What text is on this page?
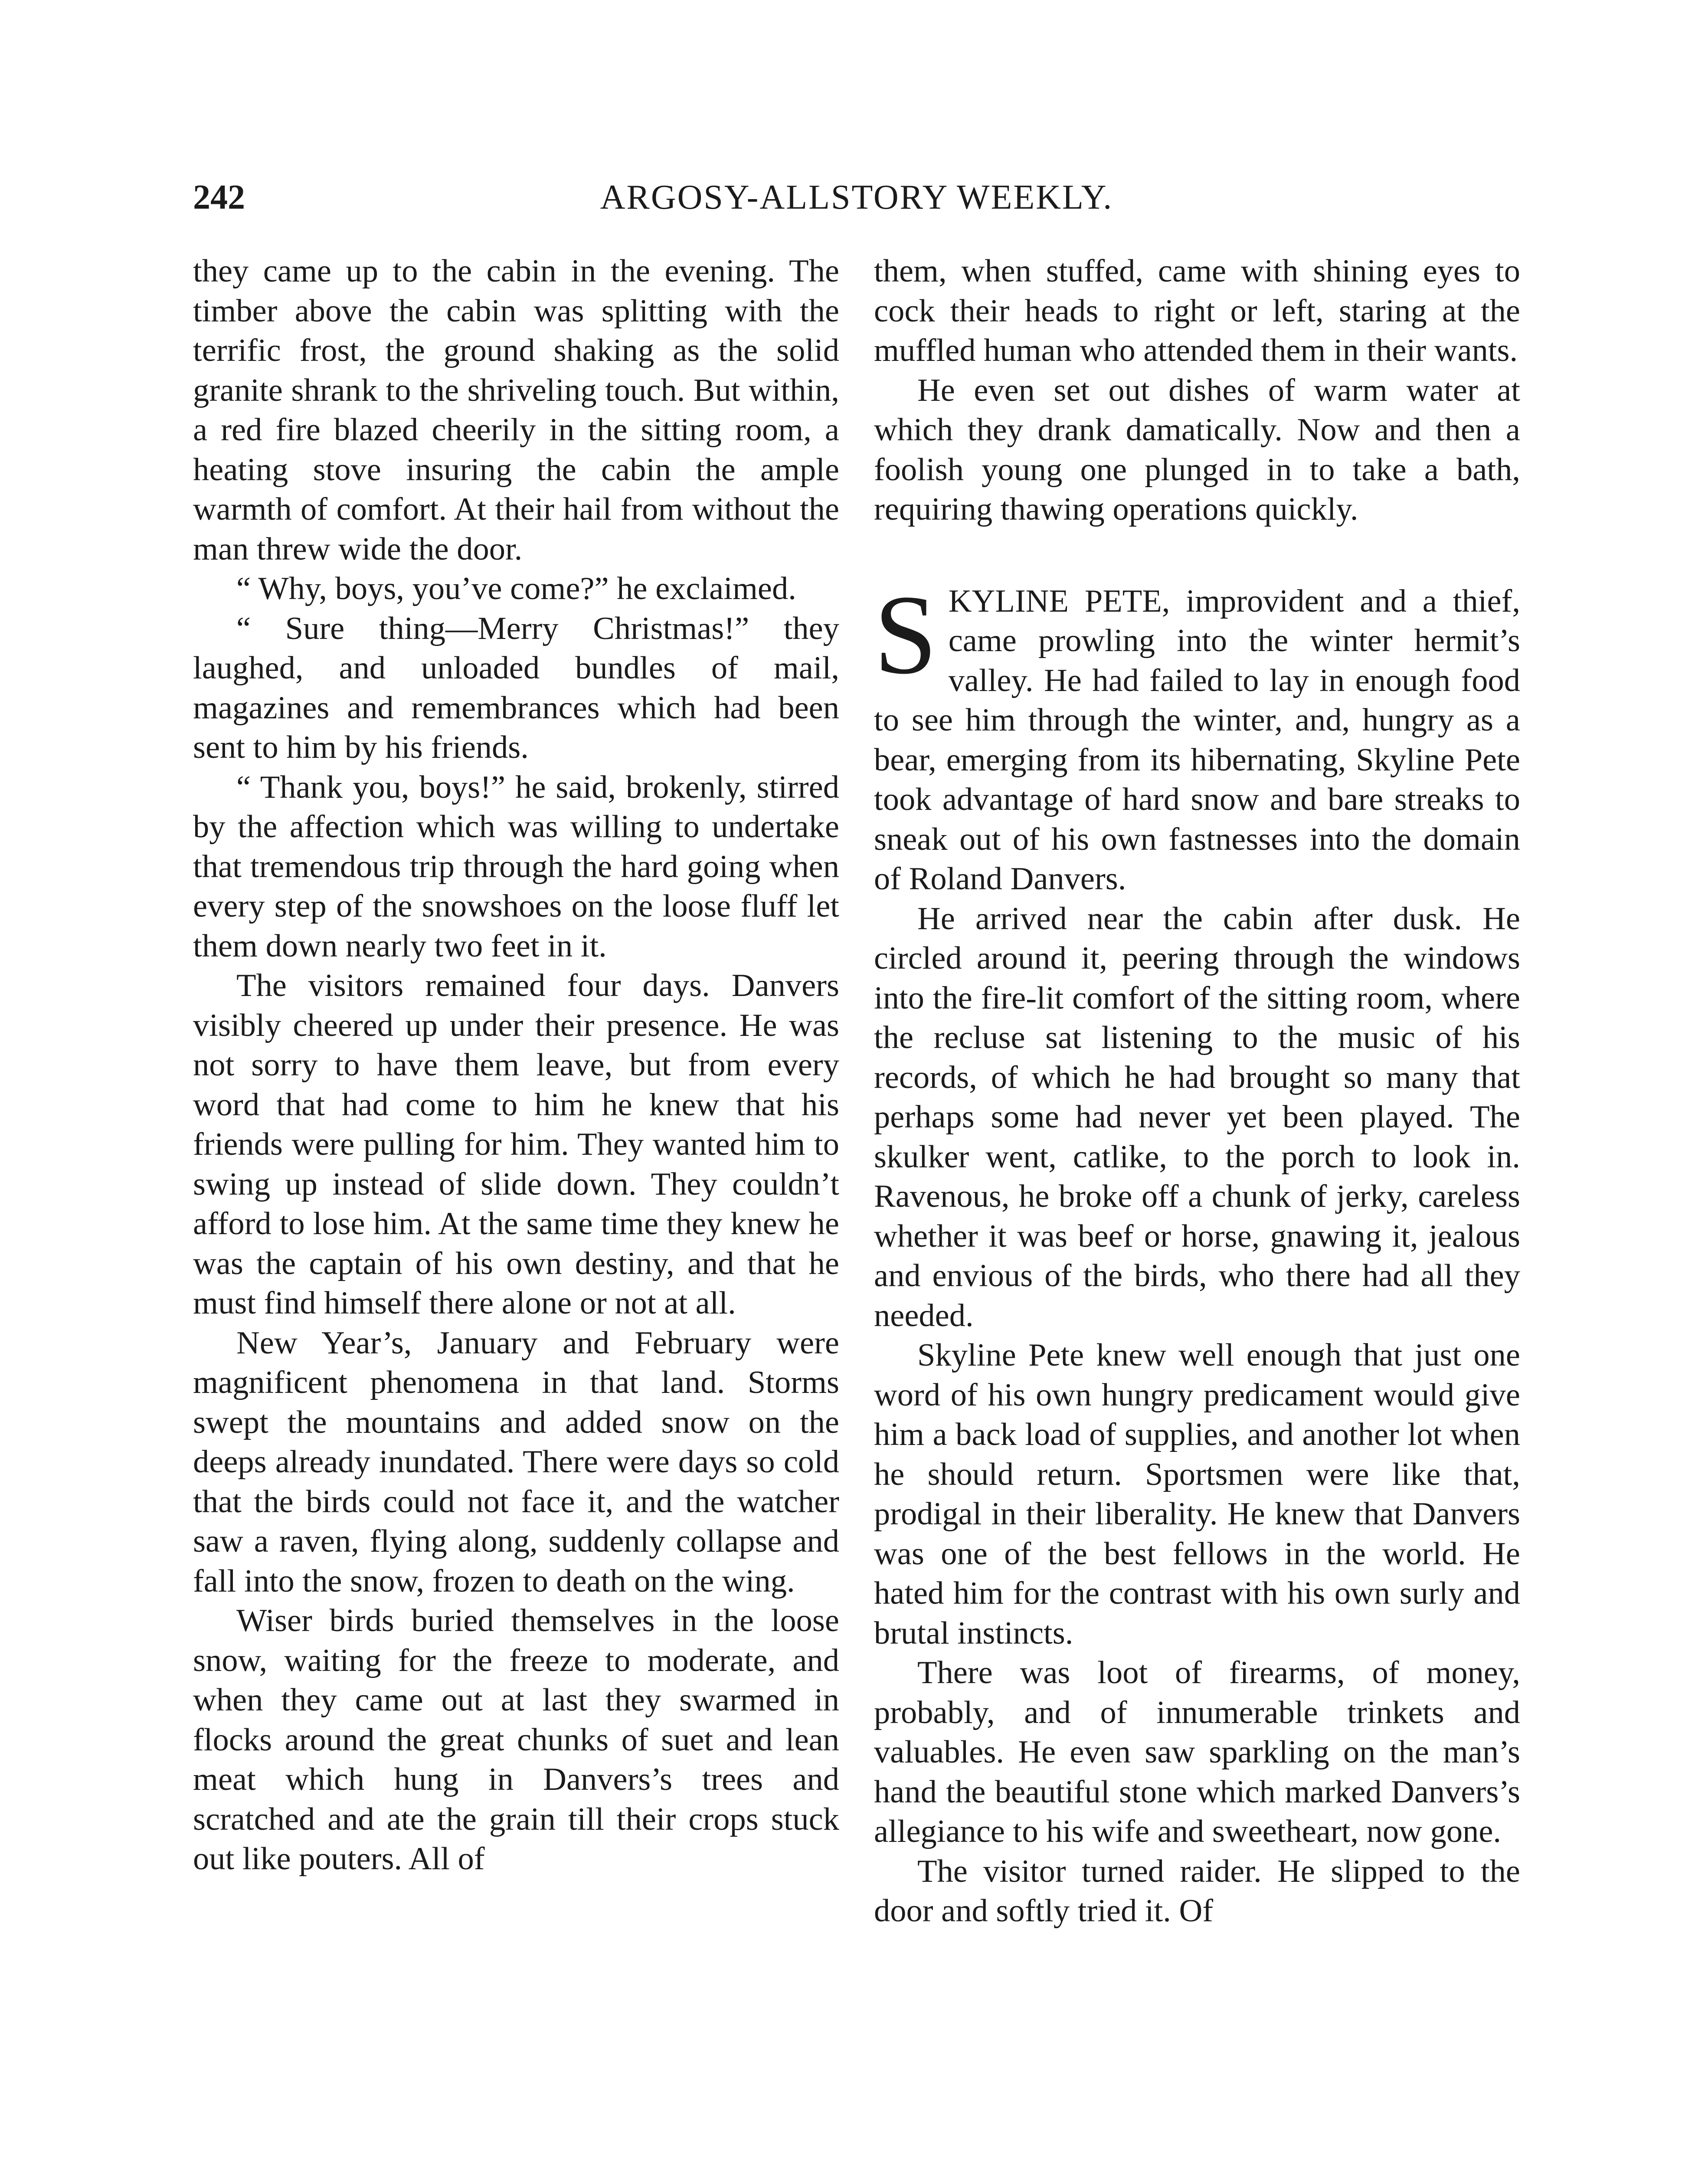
242	ARGOSY-ALLSTORY WEEKLY.

they came up to the cabin in the evening. The timber above the cabin was splitting with the terrific frost, the ground shaking as the solid granite shrank to the shriveling touch. But within, a red fire blazed cheerily in the sitting room, a heating stove insuring the cabin the ample warmth of comfort. At their hail from without the man threw wide the door.

“ Why, boys, you’ve come?” he exclaimed.

“ Sure thing—Merry Christmas!” they laughed, and unloaded bundles of mail, magazines and remembrances which had been sent to him by his friends.

“ Thank you, boys!” he said, brokenly, stirred by the affection which was willing to undertake that tremendous trip through the hard going when every step of the snowshoes on the loose fluff let them down nearly two feet in it.

The visitors remained four days. Danvers visibly cheered up under their presence. He was not sorry to have them leave, but from every word that had come to him he knew that his friends were pulling for him. They wanted him to swing up instead of slide down. They couldn’t afford to lose him. At the same time they knew he was the captain of his own destiny, and that he must find himself there alone or not at all.

New Year’s, January and February were magnificent phenomena in that land. Storms swept the mountains and added snow on the deeps already inundated. There were days so cold that the birds could not face it, and the watcher saw a raven, flying along, suddenly collapse and fall into the snow, frozen to death on the wing.

Wiser birds buried themselves in the loose snow, waiting for the freeze to moderate, and when they came out at last they swarmed in flocks around the great chunks of suet and lean meat which hung in Danvers’s trees and scratched and ate the grain till their crops stuck out like pouters. All of

them, when stuffed, came with shining eyes to cock their heads to right or left, staring at the muffled human who attended them in their wants.

He even set out dishes of warm water at which they drank damatically. Now and then a foolish young one plunged in to take a bath, requiring thawing operations quickly.

SKYLINE PETE, improvident and a thief, came prowling into the winter hermit’s valley. He had failed to lay in enough food to see him through the winter, and, hungry as a bear, emerging from its hibernating, Skyline Pete took advantage of hard snow and bare streaks to sneak out of his own fastnesses into the domain of Roland Danvers.

He arrived near the cabin after dusk. He circled around it, peering through the windows into the fire-lit comfort of the sitting room, where the recluse sat listening to the music of his records, of which he had brought so many that perhaps some had never yet been played. The skulker went, catlike, to the porch to look in. Ravenous, he broke off a chunk of jerky, careless whether it was beef or horse, gnawing it, jealous and envious of the birds, who there had all they needed.

Skyline Pete knew well enough that just one word of his own hungry predicament would give him a back load of supplies, and another lot when he should return. Sportsmen were like that, prodigal in their liberality. He knew that Danvers was one of the best fellows in the world. He hated him for the contrast with his own surly and brutal instincts.

There was loot of firearms, of money, probably, and of innumerable trinkets and valuables. He even saw sparkling on the man’s hand the beautiful stone which marked Danvers’s allegiance to his wife and sweetheart, now gone.

The visitor turned raider. He slipped to the door and softly tried it. Of
